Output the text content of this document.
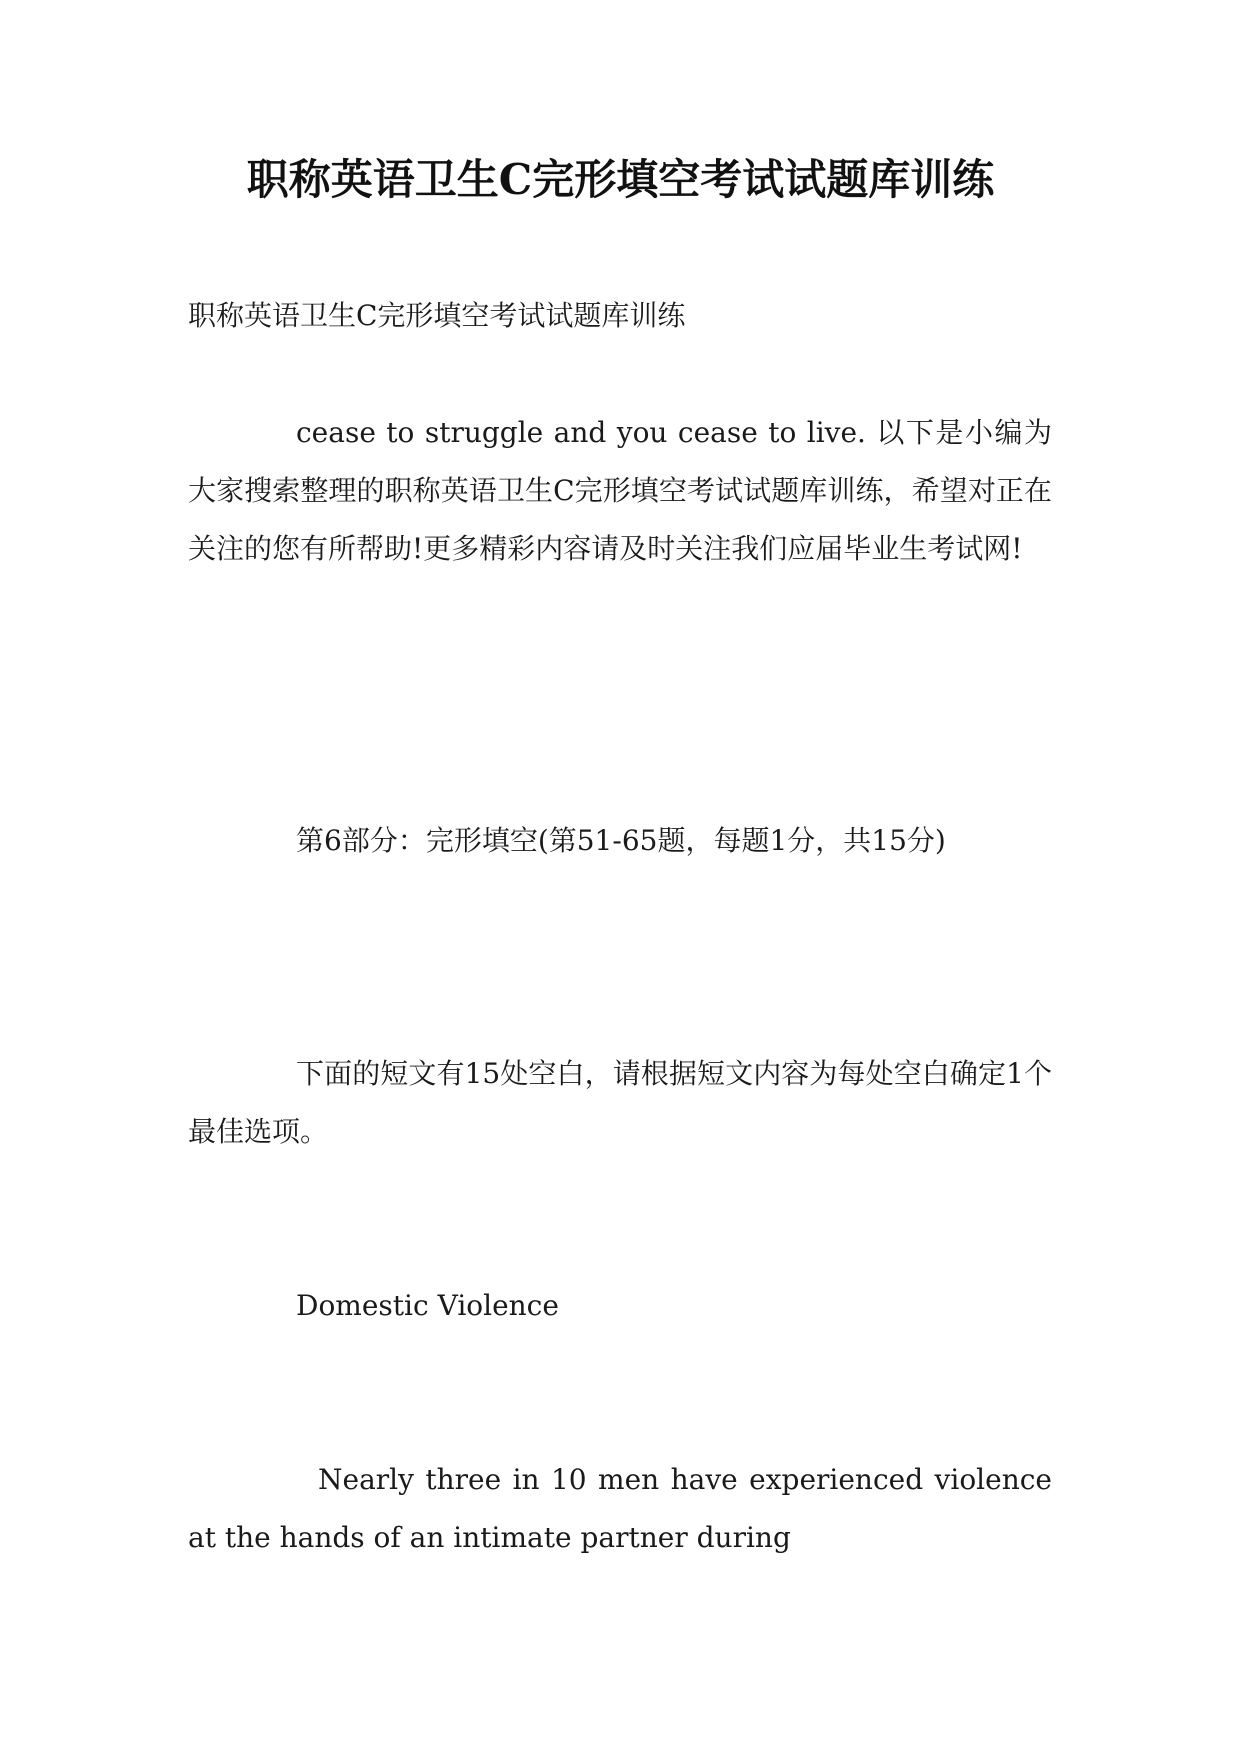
职称英语卫生C完形填空考试试题库训练

职称英语卫生C完形填空考试试题库训练

cease to struggle and you cease to live. 以下是小编为大家搜索整理的职称英语卫生C完形填空考试试题库训练，希望对正在关注的您有所帮助!更多精彩内容请及时关注我们应届毕业生考试网!

第6部分：完形填空(第51-65题，每题1分，共15分)

下面的短文有15处空白，请根据短文内容为每处空白确定1个最佳选项。

Domestic Violence

Nearly three in 10 men have experienced violence at the hands of an intimate partner during
